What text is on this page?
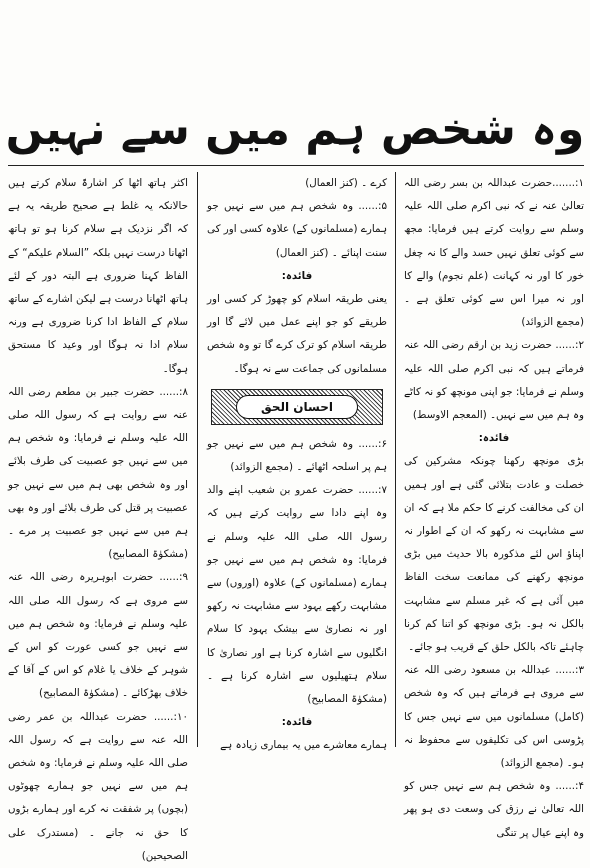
وہ شخص ہم میں سے نہیں

۱:.......حضرت عبداللہ بن بسر رضی اللہ تعالیٰ عنہ نے کہ نبی اکرم صلی اللہ علیہ وسلم سے روایت کرتے ہیں فرمایا: مجھ سے کوئی تعلق نہیں حسد والے کا نہ چغل خور کا اور نہ کہانت (علم نجوم) والے کا اور نہ میرا اس سے کوئی تعلق ہے ۔(مجمع الزوائد)

۲:...... حضرت زید بن ارقم رضی اللہ عنہ فرماتے ہیں کہ نبی اکرم صلی اللہ علیہ وسلم نے فرمایا: جو اپنی مونچھ کو نہ کاٹے وہ ہم میں سے نہیں۔ (المعجم الاوسط)

فائدہ:

بڑی مونچھ رکھنا چونکہ مشرکین کی خصلت و عادت بتلائی گئی ہے اور ہمیں ان کی مخالفت کرنے کا حکم ملا ہے کہ ان سے مشابہت نہ رکھو کہ ان کے اطوار نہ اپناؤ اس لئے مذکورہ بالا حدیث میں بڑی مونچھ رکھنے کی ممانعت سخت الفاظ میں آئی ہے کہ غیر مسلم سے مشابہت بالکل نہ ہو۔ بڑی مونچھ کو اتنا کم کرنا چاہئے تاکہ بالکل حلق کے قریب ہو جائے۔

۳:...... عبداللہ بن مسعود رضی اللہ عنہ سے مروی ہے فرماتے ہیں کہ وہ شخص (کامل) مسلمانوں میں سے نہیں جس کا پڑوسی اس کی تکلیفوں سے محفوظ نہ ہو۔ (مجمع الزوائد)

۴:...... وہ شخص ہم سے نہیں جس کو اللہ تعالیٰ نے رزق کی وسعت دی ہو پھر وہ اپنے عیال پر تنگی

کرے ۔ (کنز العمال)

۵:...... وہ شخص ہم میں سے نہیں جو ہمارے (مسلمانوں کے) علاوہ کسی اور کی سنت اپنائے ۔ (کنز العمال)

فائدہ:

یعنی طریقہ اسلام کو چھوڑ کر کسی اور طریقے کو جو اپنے عمل میں لائے گا اور طریقہ اسلام کو ترک کرے گا تو وہ شخص مسلمانوں کی جماعت سے نہ ہوگا۔

احسان الحق

۶:...... وہ شخص ہم میں سے نہیں جو ہم پر اسلحہ اٹھائے ۔ (مجمع الزوائد)

۷:...... حضرت عمرو بن شعیب اپنے والد وہ اپنے دادا سے روایت کرتے ہیں کہ رسول اللہ صلی اللہ علیہ وسلم نے فرمایا: وہ شخص ہم میں سے نہیں جو ہمارے (مسلمانوں کے) علاوہ (اوروں) سے مشابہت رکھے یہود سے مشابہت نہ رکھو اور نہ نصاریٰ سے بیشک یہود کا سلام انگلیوں سے اشارہ کرنا ہے اور نصاریٰ کا سلام ہتھیلیوں سے اشارہ کرنا ہے ۔ (مشکوٰۃ المصابیح)

فائدہ:

ہمارے معاشرے میں یہ بیماری زیادہ ہے

اکثر ہاتھ اٹھا کر اشارۃً سلام کرتے ہیں حالانکہ یہ غلط ہے صحیح طریقہ یہ ہے کہ اگر نزدیک ہے سلام کرنا ہو تو ہاتھ اٹھانا درست نہیں بلکہ ”السلام علیکم“ کے الفاظ کہنا ضروری ہے البتہ دور کے لئے ہاتھ اٹھانا درست ہے لیکن اشارے کے ساتھ سلام کے الفاظ ادا کرنا ضروری ہے ورنہ سلام ادا نہ ہوگا اور وعید کا مستحق ہوگا۔

۸:...... حضرت جبیر بن مطعم رضی اللہ عنہ سے روایت ہے کہ رسول اللہ صلی اللہ علیہ وسلم نے فرمایا: وہ شخص ہم میں سے نہیں جو عصبیت کی طرف بلائے اور وہ شخص بھی ہم میں سے نہیں جو عصبیت پر قتل کی طرف بلائے اور وہ بھی ہم میں سے نہیں جو عصبیت پر مرے ۔ (مشکوٰۃ المصابیح)

۹:...... حضرت ابوہریرہ رضی اللہ عنہ سے مروی ہے کہ رسول اللہ صلی اللہ علیہ وسلم نے فرمایا: وہ شخص ہم میں سے نہیں جو کسی عورت کو اس کے شوہر کے خلاف یا غلام کو اس کے آقا کے خلاف بھڑکائے ۔ (مشکوٰۃ المصابیح)

۱۰:...... حضرت عبداللہ بن عمر رضی اللہ عنہ سے روایت ہے کہ رسول اللہ صلی اللہ علیہ وسلم نے فرمایا: وہ شخص ہم میں سے نہیں جو ہمارے چھوٹوں (بچوں) پر شفقت نہ کرے اور ہمارے بڑوں کا حق نہ جانے ۔ (مستدرک علی الصحیحین)
